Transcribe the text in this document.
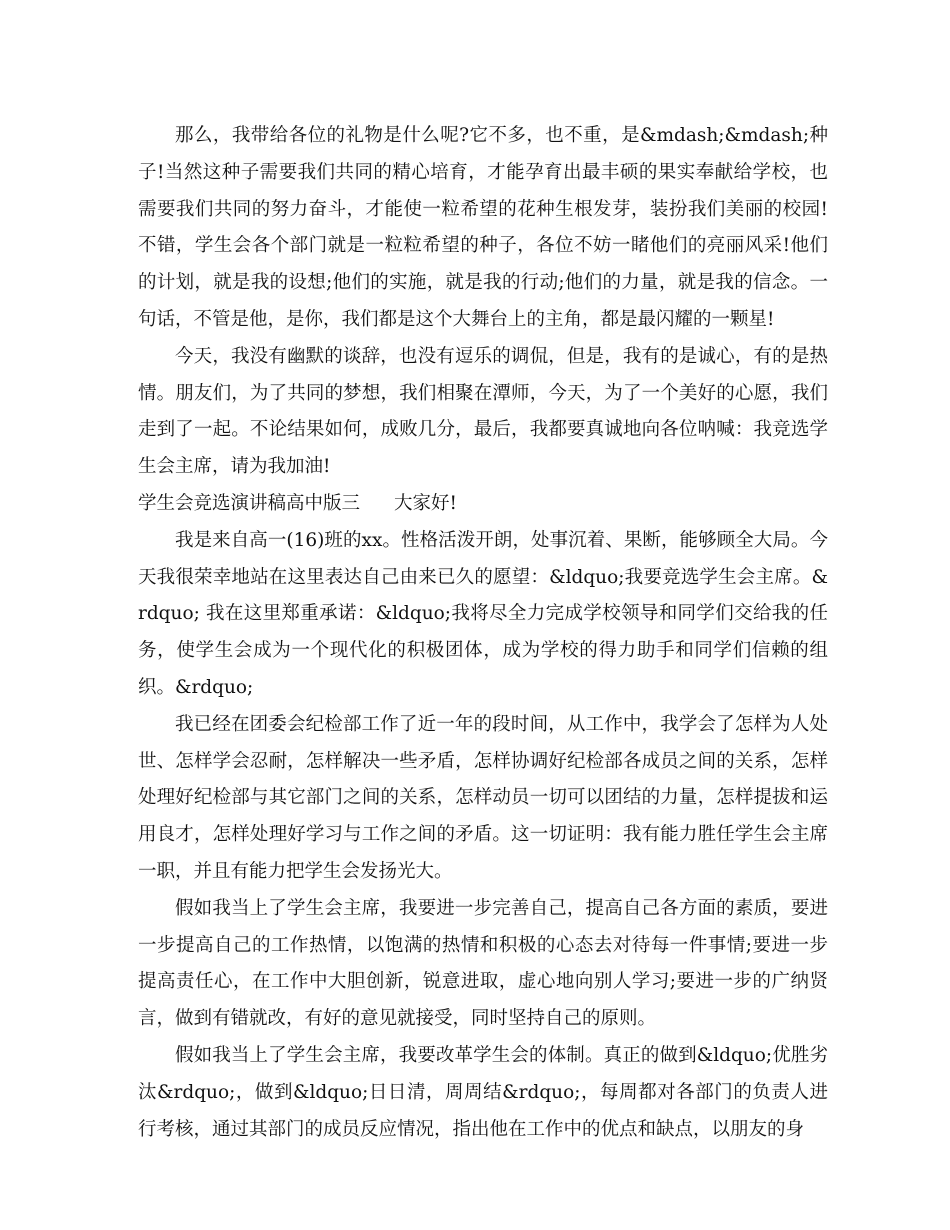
那么，我带给各位的礼物是什么呢?它不多，也不重，是&mdash;&mdash;种子!当然这种子需要我们共同的精心培育，才能孕育出最丰硕的果实奉献给学校，也需要我们共同的努力奋斗，才能使一粒希望的花种生根发芽，装扮我们美丽的校园!不错，学生会各个部门就是一粒粒希望的种子，各位不妨一睹他们的亮丽风采!他们的计划，就是我的设想;他们的实施，就是我的行动;他们的力量，就是我的信念。一句话，不管是他，是你，我们都是这个大舞台上的主角，都是最闪耀的一颗星!

今天，我没有幽默的谈辞，也没有逗乐的调侃，但是，我有的是诚心，有的是热情。朋友们，为了共同的梦想，我们相聚在潭师，今天，为了一个美好的心愿，我们走到了一起。不论结果如何，成败几分，最后，我都要真诚地向各位呐喊：我竞选学生会主席，请为我加油!

学生会竞选演讲稿高中版三 大家好!

我是来自高一(16)班的xx。性格活泼开朗，处事沉着、果断，能够顾全大局。今天我很荣幸地站在这里表达自己由来已久的愿望：&ldquo;我要竞选学生会主席。&rdquo; 我在这里郑重承诺：&ldquo;我将尽全力完成学校领导和同学们交给我的任务，使学生会成为一个现代化的积极团体，成为学校的得力助手和同学们信赖的组织。&rdquo;

我已经在团委会纪检部工作了近一年的段时间，从工作中，我学会了怎样为人处世、怎样学会忍耐，怎样解决一些矛盾，怎样协调好纪检部各成员之间的关系，怎样处理好纪检部与其它部门之间的关系，怎样动员一切可以团结的力量，怎样提拔和运用良才，怎样处理好学习与工作之间的矛盾。这一切证明：我有能力胜任学生会主席一职，并且有能力把学生会发扬光大。

假如我当上了学生会主席，我要进一步完善自己，提高自己各方面的素质，要进一步提高自己的工作热情，以饱满的热情和积极的心态去对待每一件事情;要进一步提高责任心，在工作中大胆创新，锐意进取，虚心地向别人学习;要进一步的广纳贤言，做到有错就改，有好的意见就接受，同时坚持自己的原则。

假如我当上了学生会主席，我要改革学生会的体制。真正的做到&ldquo;优胜劣汰&rdquo;，做到&ldquo;日日清，周周结&rdquo;，每周都对各部门的负责人进行考核，通过其部门的成员反应情况，指出他在工作中的优点和缺点，以朋友的身
